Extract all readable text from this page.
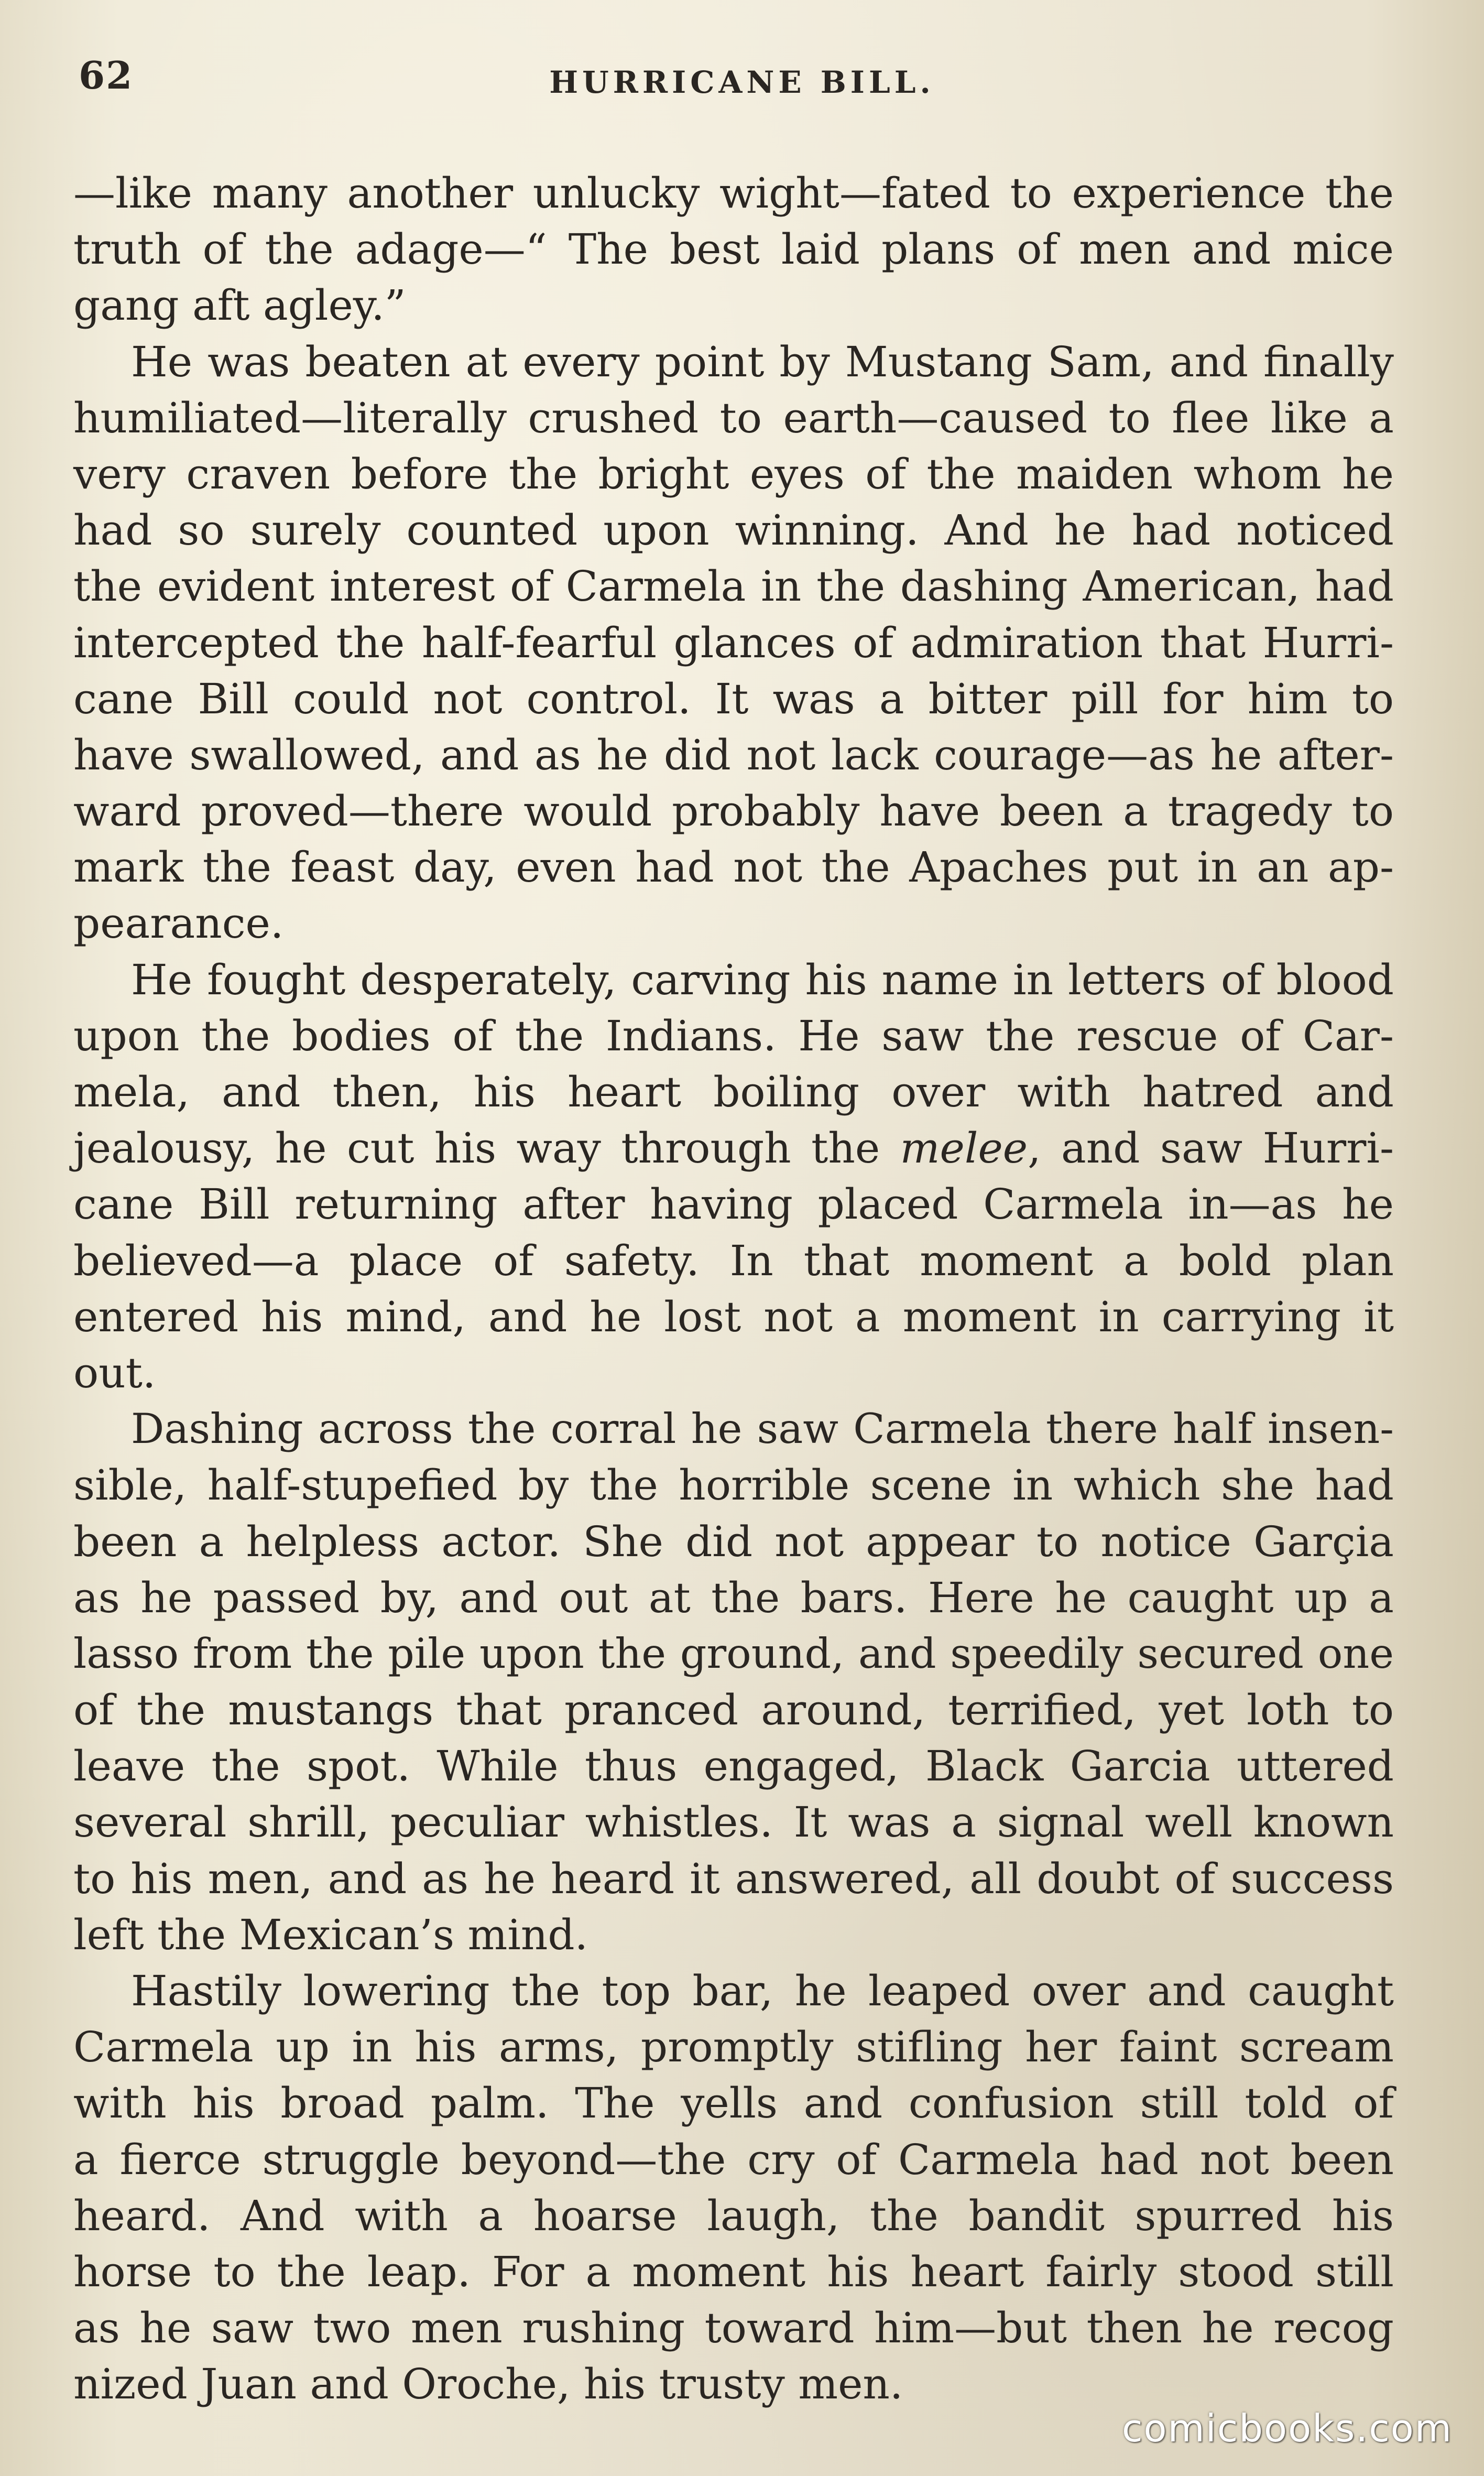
62	HURRICANE BILL.
—like many another unlucky wight—fated to experience the
truth of the adage—“ The best laid plans of men and mice
gang aft agley.”
He was beaten at every point by Mustang Sam, and finally
humiliated—literally crushed to earth—caused to flee like a
very craven before the bright eyes of the maiden whom he
had so surely counted upon winning. And he had noticed
the evident interest of Carmela in the dashing American, had
intercepted the half-fearful glances of admiration that Hurri-
cane Bill could not control. It was a bitter pill for him to
have swallowed, and as he did not lack courage—as he after-
ward proved—there would probably have been a tragedy to
mark the feast day, even had not the Apaches put in an ap-
pearance.
He fought desperately, carving his name in letters of blood
upon the bodies of the Indians. He saw the rescue of Car-
mela, and then, his heart boiling over with hatred and
jealousy, he cut his way through the melee, and saw Hurri-
cane Bill returning after having placed Carmela in—as he
believed—a place of safety. In that moment a bold plan
entered his mind, and he lost not a moment in carrying it
out.
Dashing across the corral he saw Carmela there half insen-
sible, half-stupefied by the horrible scene in which she had
been a helpless actor. She did not appear to notice Garçia
as he passed by, and out at the bars. Here he caught up a
lasso from the pile upon the ground, and speedily secured one
of the mustangs that pranced around, terrified, yet loth to
leave the spot. While thus engaged, Black Garcia uttered
several shrill, peculiar whistles. It was a signal well known
to his men, and as he heard it answered, all doubt of success
left the Mexican’s mind.
Hastily lowering the top bar, he leaped over and caught
Carmela up in his arms, promptly stifling her faint scream
with his broad palm. The yells and confusion still told of
a fierce struggle beyond—the cry of Carmela had not been
heard. And with a hoarse laugh, the bandit spurred his
horse to the leap. For a moment his heart fairly stood still
as he saw two men rushing toward him—but then he recog
nized Juan and Oroche, his trusty men.
comicbooks.com
